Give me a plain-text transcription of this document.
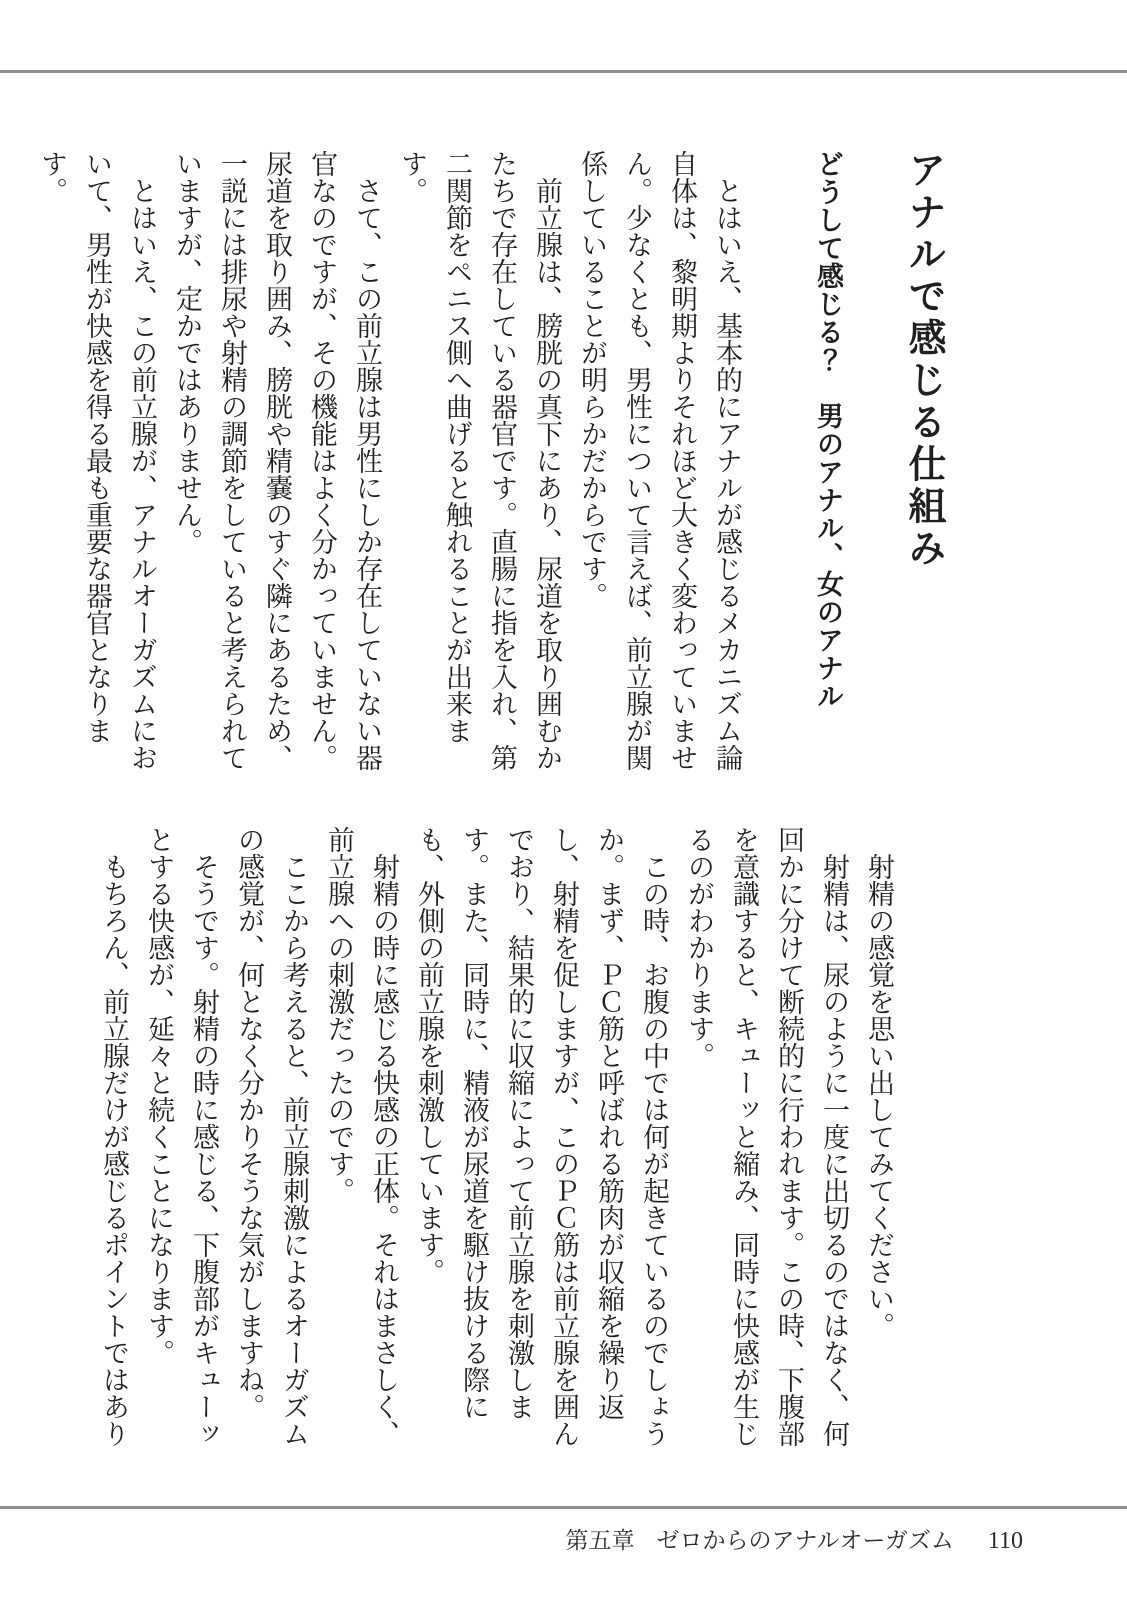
アナルで感じる仕組み
どうして感じる？　男のアナル、女のアナル

とはいえ、基本的にアナルが感じるメカニズム論自体は、黎明期よりそれほど大きく変わっていません。少なくとも、男性について言えば、前立腺が関係していることが明らかだからです。

前立腺は、膀胱の真下にあり、尿道を取り囲むかたちで存在している器官です。直腸に指を入れ、第二関節をペニス側へ曲げると触れることが出来ます。

さて、この前立腺は男性にしか存在していない器官なのですが、その機能はよく分かっていません。尿道を取り囲み、膀胱や精嚢のすぐ隣にあるため、一説には排尿や射精の調節をしていると考えられていますが、定かではありません。

とはいえ、この前立腺が、アナルオーガズムにおいて、男性が快感を得る最も重要な器官となります。

射精の感覚を思い出してみてください。

射精は、尿のように一度に出切るのではなく、何回かに分けて断続的に行われます。この時、下腹部を意識すると、キューッと縮み、同時に快感が生じるのがわかります。

この時、お腹の中では何が起きているのでしょうか。まず、ＰＣ筋と呼ばれる筋肉が収縮を繰り返し、射精を促しますが、このＰＣ筋は前立腺を囲んでおり、結果的に収縮によって前立腺を刺激します。また、同時に、精液が尿道を駆け抜ける際にも、外側の前立腺を刺激しています。

射精の時に感じる快感の正体。それはまさしく、前立腺への刺激だったのです。

ここから考えると、前立腺刺激によるオーガズムの感覚が、何となく分かりそうな気がしますね。

そうです。射精の時に感じる、下腹部がキューッとする快感が、延々と続くことになります。

もちろん、前立腺だけが感じるポイントではあり

第五章 ゼロからのアナルオーガズム 110
